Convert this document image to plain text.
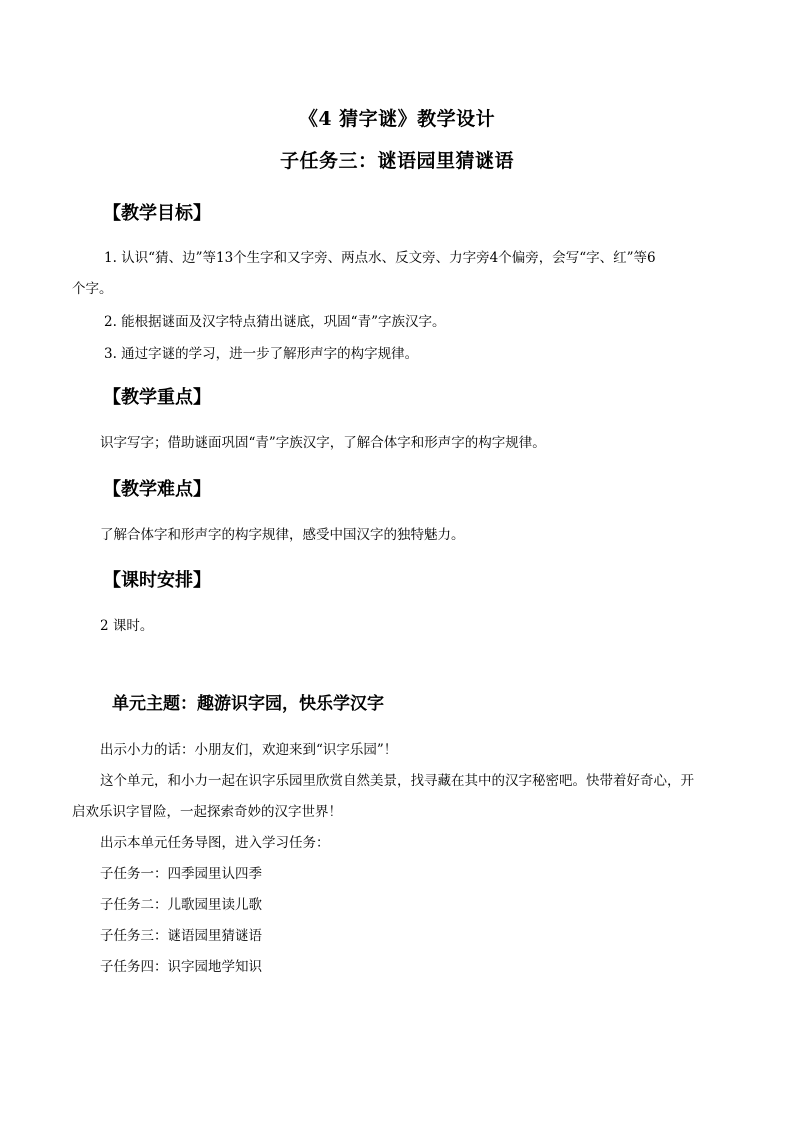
《4 猜字谜》教学设计
子任务三：谜语园里猜谜语
【教学目标】
1. 认识“猜、边”等13个生字和又字旁、两点水、反文旁、力字旁4个偏旁，会写“字、红”等6
个字。
2. 能根据谜面及汉字特点猜出谜底，巩固“青”字族汉字。
3. 通过字谜的学习，进一步了解形声字的构字规律。
【教学重点】
识字写字；借助谜面巩固“青”字族汉字，了解合体字和形声字的构字规律。
【教学难点】
了解合体字和形声字的构字规律，感受中国汉字的独特魅力。
【课时安排】
2 课时。
单元主题：趣游识字园，快乐学汉字
出示小力的话：小朋友们，欢迎来到“识字乐园”！
这个单元，和小力一起在识字乐园里欣赏自然美景，找寻藏在其中的汉字秘密吧。快带着好奇心，开
启欢乐识字冒险，一起探索奇妙的汉字世界！
出示本单元任务导图，进入学习任务：
子任务一：四季园里认四季
子任务二：儿歌园里读儿歌
子任务三：谜语园里猜谜语
子任务四：识字园地学知识
